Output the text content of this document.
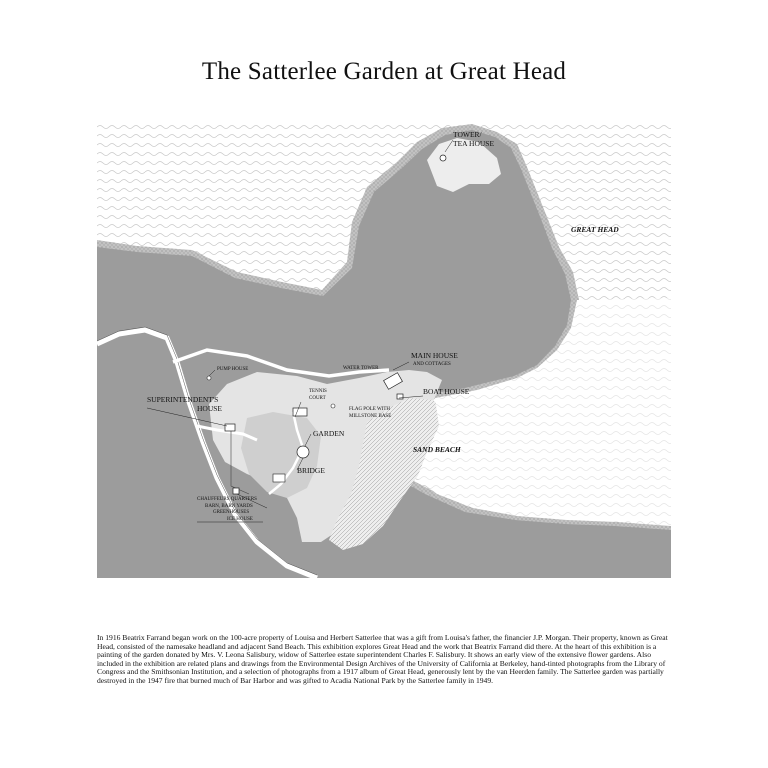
The Satterlee Garden at Great Head
TOWER/
TEA HOUSE
GREAT HEAD
MAIN HOUSE
AND COTTAGES
WATER TOWER
PUMP HOUSE
SUPERINTENDENT'S
HOUSE
TENNIS
COURT
FLAG POLE WITH
MILLSTONE BASE
BOAT HOUSE
GARDEN
SAND BEACH
BRIDGE
CHAUFFEURS QUARTERS
BARN, BARN YARDS
GREENHOUSES
ICE HOUSE
In 1916 Beatrix Farrand began work on the 100-acre property of Louisa and Herbert Satterlee that was a gift from Louisa's father, the financier J.P. Morgan. Their property, known as Great Head, consisted of the namesake headland and adjacent Sand Beach. This exhibition explores Great Head and the work that Beatrix Farrand did there. At the heart of this exhibition is a painting of the garden donated by Mrs. V. Leona Salisbury, widow of Satterlee estate superintendent Charles F. Salisbury. It shows an early view of the extensive flower gardens. Also included in the exhibition are related plans and drawings from the Environmental Design Archives of the University of California at Berkeley, hand-tinted photographs from the Library of Congress and the Smithsonian Institution, and a selection of photographs from a 1917 album of Great Head, generously lent by the van Heerden family. The Satterlee garden was partially destroyed in the 1947 fire that burned much of Bar Harbor and was gifted to Acadia National Park by the Satterlee family in 1949.
